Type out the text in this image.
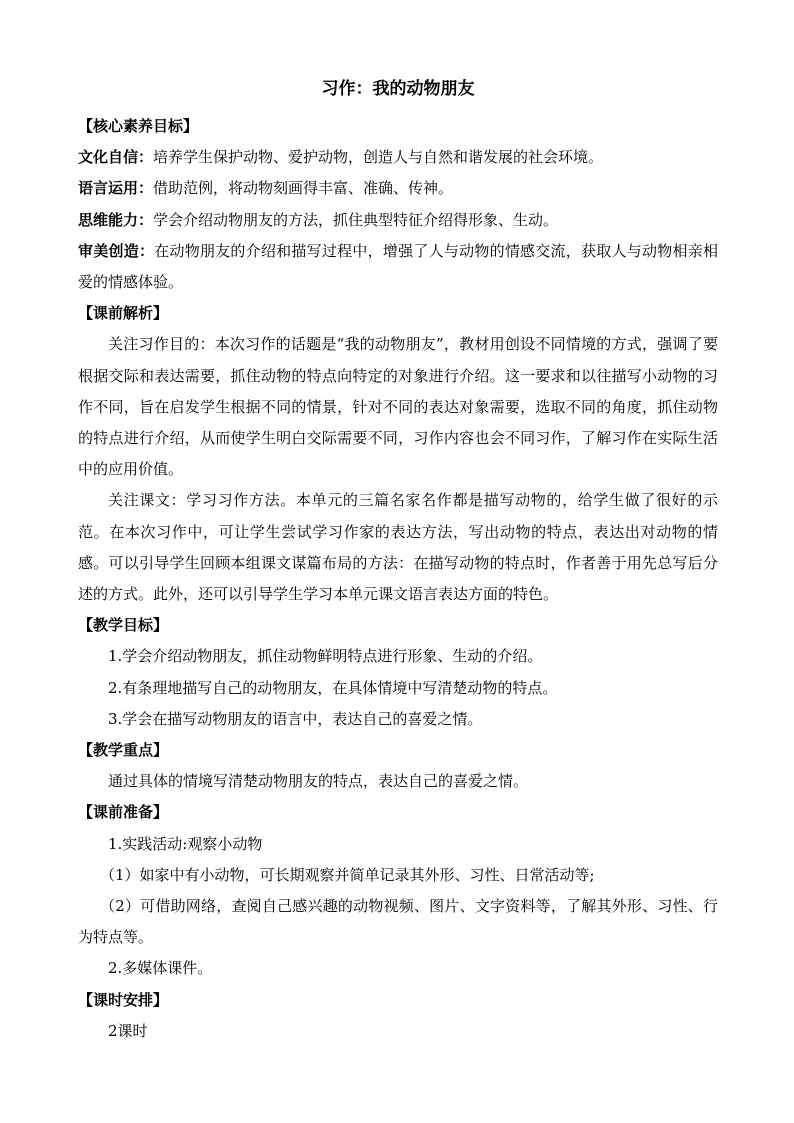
习作：我的动物朋友
【核心素养目标】
文化自信：培养学生保护动物、爱护动物，创造人与自然和谐发展的社会环境。
语言运用：借助范例，将动物刻画得丰富、准确、传神。
思维能力：学会介绍动物朋友的方法，抓住典型特征介绍得形象、生动。
审美创造：在动物朋友的介绍和描写过程中，增强了人与动物的情感交流，获取人与动物相亲相爱的情感体验。
【课前解析】
关注习作目的：本次习作的话题是“我的动物朋友”，教材用创设不同情境的方式，强调了要根据交际和表达需要，抓住动物的特点向特定的对象进行介绍。这一要求和以往描写小动物的习作不同，旨在启发学生根据不同的情景，针对不同的表达对象需要，选取不同的角度，抓住动物的特点进行介绍，从而使学生明白交际需要不同，习作内容也会不同习作，了解习作在实际生活中的应用价值。
关注课文：学习习作方法。本单元的三篇名家名作都是描写动物的，给学生做了很好的示范。在本次习作中，可让学生尝试学习作家的表达方法，写出动物的特点，表达出对动物的情感。可以引导学生回顾本组课文谋篇布局的方法：在描写动物的特点时，作者善于用先总写后分述的方式。此外，还可以引导学生学习本单元课文语言表达方面的特色。
【教学目标】
1.学会介绍动物朋友，抓住动物鲜明特点进行形象、生动的介绍。
2.有条理地描写自己的动物朋友，在具体情境中写清楚动物的特点。
3.学会在描写动物朋友的语言中，表达自己的喜爱之情。
【教学重点】
通过具体的情境写清楚动物朋友的特点，表达自己的喜爱之情。
【课前准备】
1.实践活动:观察小动物
（1）如家中有小动物，可长期观察并简单记录其外形、习性、日常活动等;
（2）可借助网络，查阅自己感兴趣的动物视频、图片、文字资料等，了解其外形、习性、行为特点等。
2.多媒体课件。
【课时安排】
2课时
